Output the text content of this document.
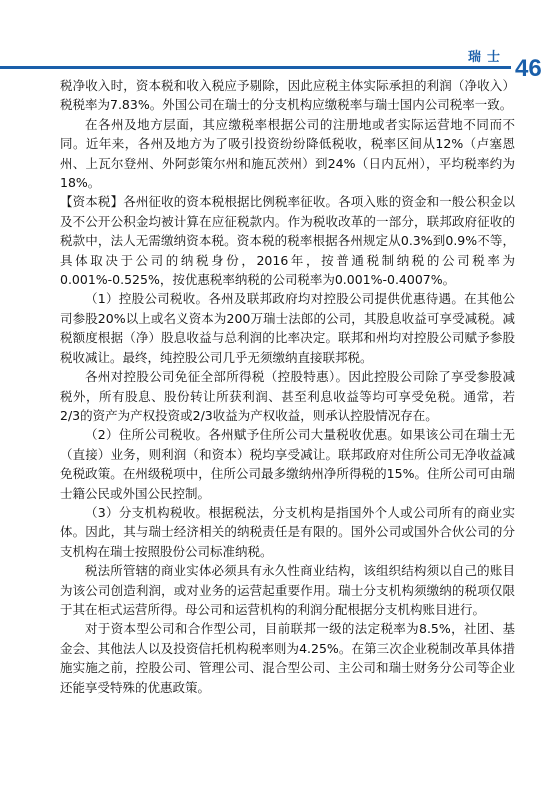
瑞士 46

税净收入时，资本税和收入税应予剔除，因此应税主体实际承担的利润（净收入）税税率为7.83%。外国公司在瑞士的分支机构应缴税率与瑞士国内公司税率一致。

在各州及地方层面，其应缴税率根据公司的注册地或者实际运营地不同而不同。近年来，各州及地方为了吸引投资纷纷降低税收，税率区间从12%（卢塞恩州、上瓦尔登州、外阿彭策尔州和施瓦茨州）到24%（日内瓦州），平均税率约为18%。

【资本税】各州征收的资本税根据比例税率征收。各项入账的资金和一般公积金以及不公开公积金均被计算在应征税款内。作为税收改革的一部分，联邦政府征收的税款中，法人无需缴纳资本税。资本税的税率根据各州规定从0.3%到0.9%不等，具体取决于公司的纳税身份，2016年，按普通税制纳税的公司税率为0.001%-0.525%，按优惠税率纳税的公司税率为0.001%-0.4007%。

（1）控股公司税收。各州及联邦政府均对控股公司提供优惠待遇。在其他公司参股20%以上或名义资本为200万瑞士法郎的公司，其股息收益可享受减税。减税额度根据（净）股息收益与总利润的比率决定。联邦和州均对控股公司赋予参股税收减让。最终，纯控股公司几乎无须缴纳直接联邦税。

各州对控股公司免征全部所得税（控股特惠）。因此控股公司除了享受参股减税外，所有股息、股份转让所获利润、甚至利息收益等均可享受免税。通常，若2/3的资产为产权投资或2/3收益为产权收益，则承认控股情况存在。

（2）住所公司税收。各州赋予住所公司大量税收优惠。如果该公司在瑞士无（直接）业务，则利润（和资本）税均享受减让。联邦政府对住所公司无净收益减免税政策。在州级税项中，住所公司最多缴纳州净所得税的15%。住所公司可由瑞士籍公民或外国公民控制。

（3）分支机构税收。根据税法，分支机构是指国外个人或公司所有的商业实体。因此，其与瑞士经济相关的纳税责任是有限的。国外公司或国外合伙公司的分支机构在瑞士按照股份公司标准纳税。

税法所管辖的商业实体必须具有永久性商业结构，该组织结构须以自己的账目为该公司创造利润，或对业务的运营起重要作用。瑞士分支机构须缴纳的税项仅限于其在柜式运营所得。母公司和运营机构的利润分配根据分支机构账目进行。

对于资本型公司和合作型公司，目前联邦一级的法定税率为8.5%，社团、基金会、其他法人以及投资信托机构税率则为4.25%。在第三次企业税制改革具体措施实施之前，控股公司、管理公司、混合型公司、主公司和瑞士财务分公司等企业还能享受特殊的优惠政策。
